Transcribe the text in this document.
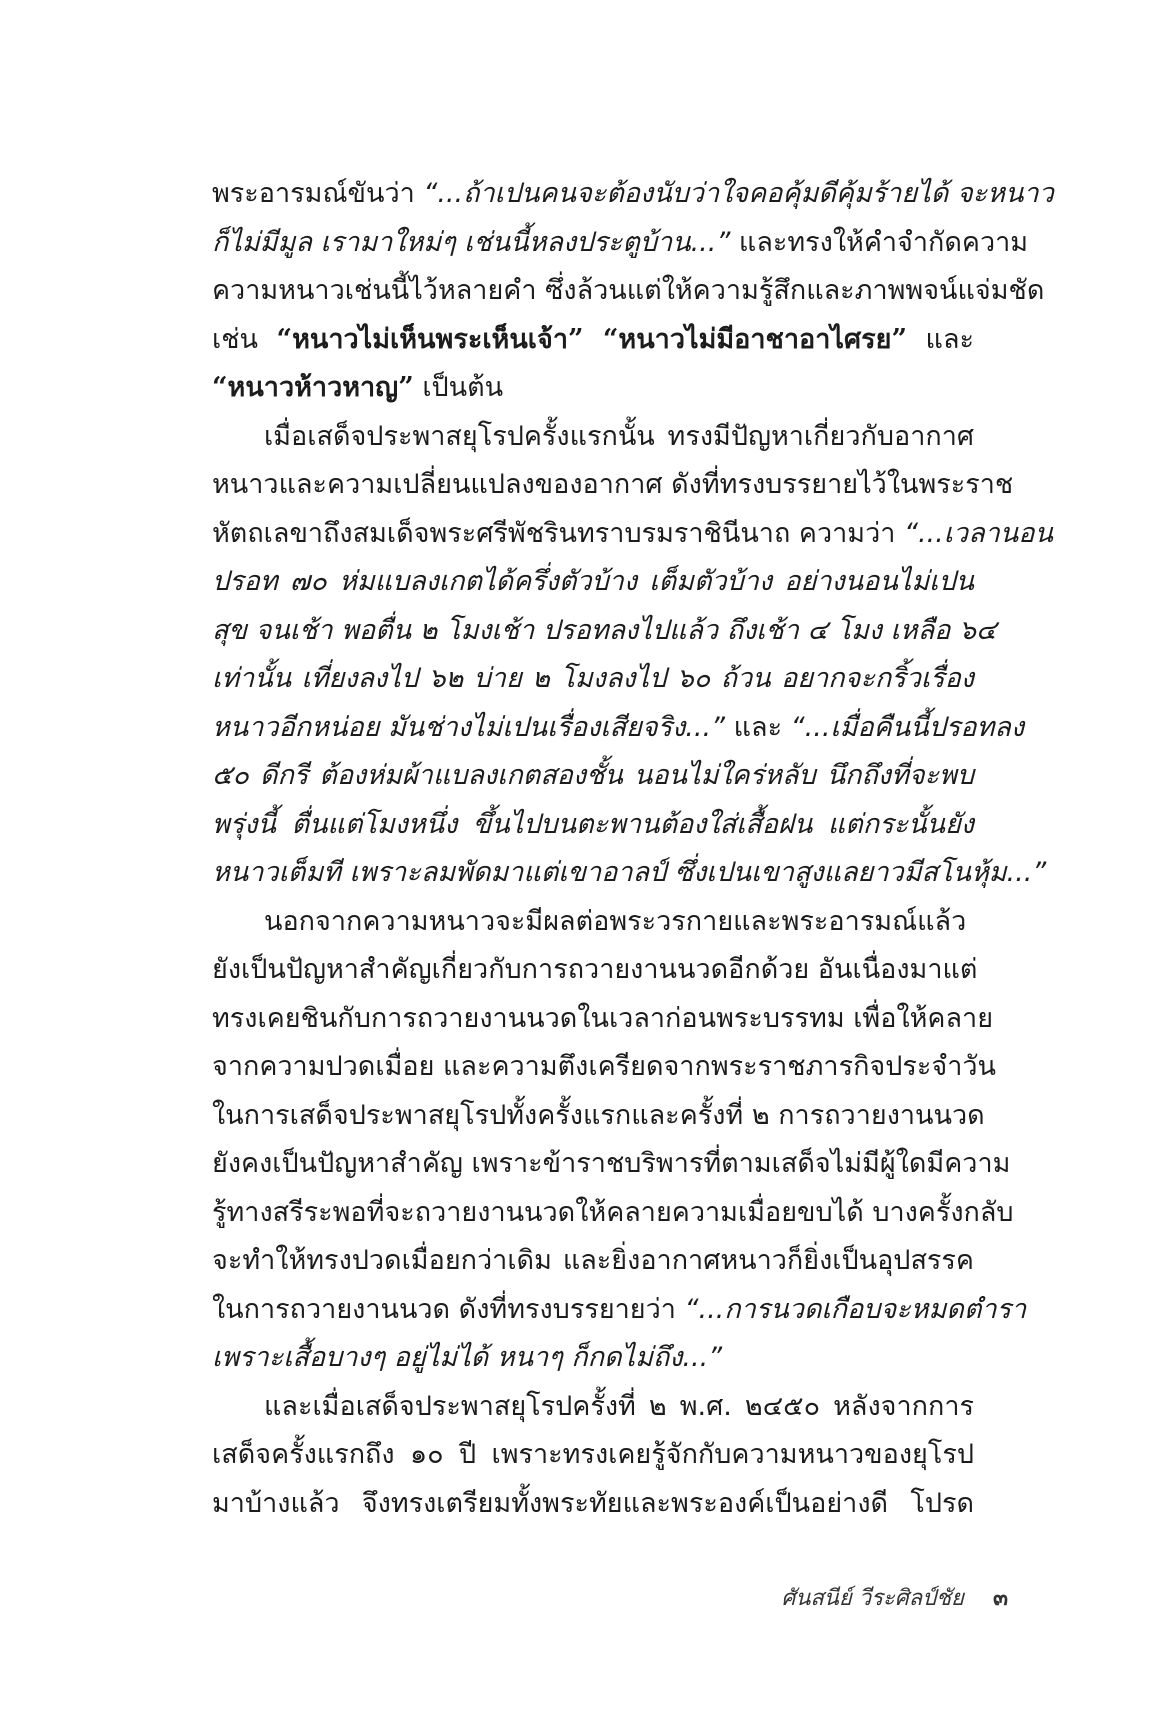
พระอารมณ์ขันว่า “...ถ้าเปนคนจะต้องนับว่าใจคอคุ้มดีคุ้มร้ายได้ จะหนาว
ก็ไม่มีมูล เรามาใหม่ๆ เช่นนี้หลงประตูบ้าน...” และทรงให้คำจำกัดความ
ความหนาวเช่นนี้ไว้หลายคำ ซึ่งล้วนแต่ให้ความรู้สึกและภาพพจน์แจ่มชัด
เช่น “หนาวไม่เห็นพระเห็นเจ้า” “หนาวไม่มีอาชาอาไศรย” และ
“หนาวห้าวหาญ” เป็นต้น
เมื่อเสด็จประพาสยุโรปครั้งแรกนั้น ทรงมีปัญหาเกี่ยวกับอากาศ
หนาวและความเปลี่ยนแปลงของอากาศ ดังที่ทรงบรรยายไว้ในพระราช
หัตถเลขาถึงสมเด็จพระศรีพัชรินทราบรมราชินีนาถ ความว่า “...เวลานอน
ปรอท ๗๐ ห่มแบลงเกตได้ครึ่งตัวบ้าง เต็มตัวบ้าง อย่างนอนไม่เปน
สุข จนเช้า พอตื่น ๒ โมงเช้า ปรอทลงไปแล้ว ถึงเช้า ๔ โมง เหลือ ๖๔
เท่านั้น เที่ยงลงไป ๖๒ บ่าย ๒ โมงลงไป ๖๐ ถ้วน อยากจะกริ้วเรื่อง
หนาวอีกหน่อย มันช่างไม่เปนเรื่องเสียจริง...” และ “...เมื่อคืนนี้ปรอทลง
๕๐ ดีกรี ต้องห่มผ้าแบลงเกตสองชั้น นอนไม่ใคร่หลับ นึกถึงที่จะพบ
พรุ่งนี้ ตื่นแต่โมงหนึ่ง ขึ้นไปบนตะพานต้องใส่เสื้อฝน แต่กระนั้นยัง
หนาวเต็มที เพราะลมพัดมาแต่เขาอาลป์ ซึ่งเปนเขาสูงแลยาวมีสโนหุ้ม...”
นอกจากความหนาวจะมีผลต่อพระวรกายและพระอารมณ์แล้ว
ยังเป็นปัญหาสำคัญเกี่ยวกับการถวายงานนวดอีกด้วย อันเนื่องมาแต่
ทรงเคยชินกับการถวายงานนวดในเวลาก่อนพระบรรทม เพื่อให้คลาย
จากความปวดเมื่อย และความตึงเครียดจากพระราชภารกิจประจำวัน
ในการเสด็จประพาสยุโรปทั้งครั้งแรกและครั้งที่ ๒ การถวายงานนวด
ยังคงเป็นปัญหาสำคัญ เพราะข้าราชบริพารที่ตามเสด็จไม่มีผู้ใดมีความ
รู้ทางสรีระพอที่จะถวายงานนวดให้คลายความเมื่อยขบได้ บางครั้งกลับ
จะทำให้ทรงปวดเมื่อยกว่าเดิม และยิ่งอากาศหนาวก็ยิ่งเป็นอุปสรรค
ในการถวายงานนวด ดังที่ทรงบรรยายว่า “...การนวดเกือบจะหมดตำรา
เพราะเสื้อบางๆ อยู่ไม่ได้ หนาๆ ก็กดไม่ถึง...”
และเมื่อเสด็จประพาสยุโรปครั้งที่ ๒ พ.ศ. ๒๔๕๐ หลังจากการ
เสด็จครั้งแรกถึง ๑๐ ปี เพราะทรงเคยรู้จักกับความหนาวของยุโรป
มาบ้างแล้ว จึงทรงเตรียมทั้งพระทัยและพระองค์เป็นอย่างดี โปรด
ศันสนีย์ วีระศิลป์ชัย ๓
